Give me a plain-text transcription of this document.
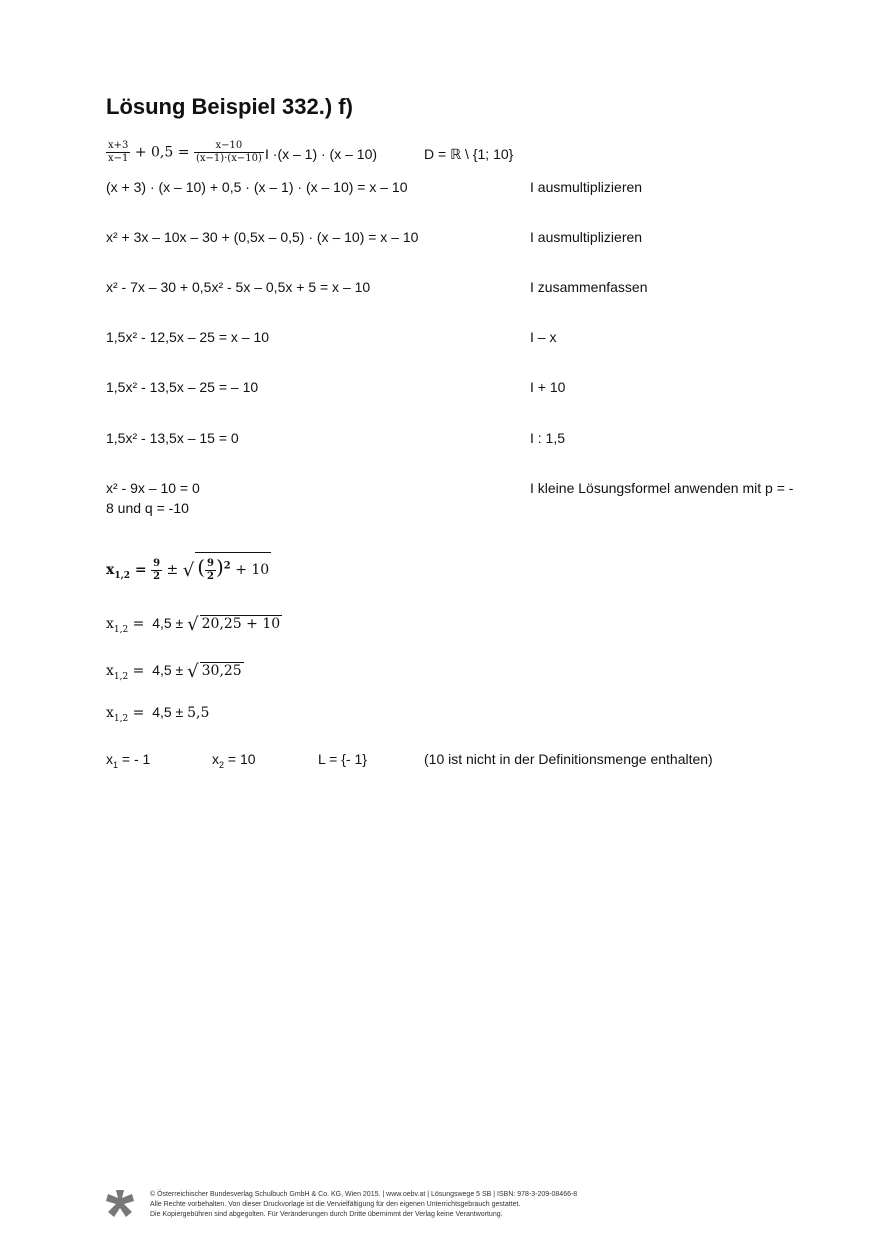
Lösung Beispiel 332.) f)
$\frac{x+3}{x-1} + 0,5 = \frac{x-10}{(x-1)\cdot(x-10)}$ I ·(x – 1) · (x – 10)	D = ℝ \ {1; 10}
(x + 3) · (x – 10) + 0,5 · (x – 1) · (x – 10) = x – 10	I ausmultiplizieren
x² + 3x – 10x – 30 + (0,5x – 0,5) · (x – 10) = x – 10	I ausmultiplizieren
x² - 7x – 30 + 0,5x² - 5x – 0,5x + 5 = x – 10	I zusammenfassen
1,5x² - 12,5x – 25 = x – 10	I – x
1,5x² - 13,5x – 25 = – 10	I + 10
1,5x² - 13,5x – 15 = 0	I : 1,5
x² - 9x – 10 = 0	I kleine Lösungsformel anwenden mit p = -
8 und q = -10
$x_{1,2} = \frac{9}{2}$ ± √ ( $\frac{9}{2} )^2 + 10$
$x_{1,2} = 4,5$ ± √ 20,25 + 10
$x_{1,2} = 4,5$ ± √ 30,25
$x_{1,2} = 4,5 \pm 5,5$
$x_1$ = - 1	$x_2 = 10$	L = {- 1}	(10 ist nicht in der Definitionsmenge enthalten)
© Österreichischer Bundesverlag Schulbuch GmbH & Co. KG, Wien 2015. | www.oebv.at | Lösungswege 5 SB | ISBN: 978-3-209-08466-8
Alle Rechte vorbehalten. Von dieser Druckvorlage ist die Vervielfältigung für den eigenen Unterrichtsgebrauch gestattet.
Die Kopiergebühren sind abgegolten. Für Veränderungen durch Dritte übernimmt der Verlag keine Verantwortung.
